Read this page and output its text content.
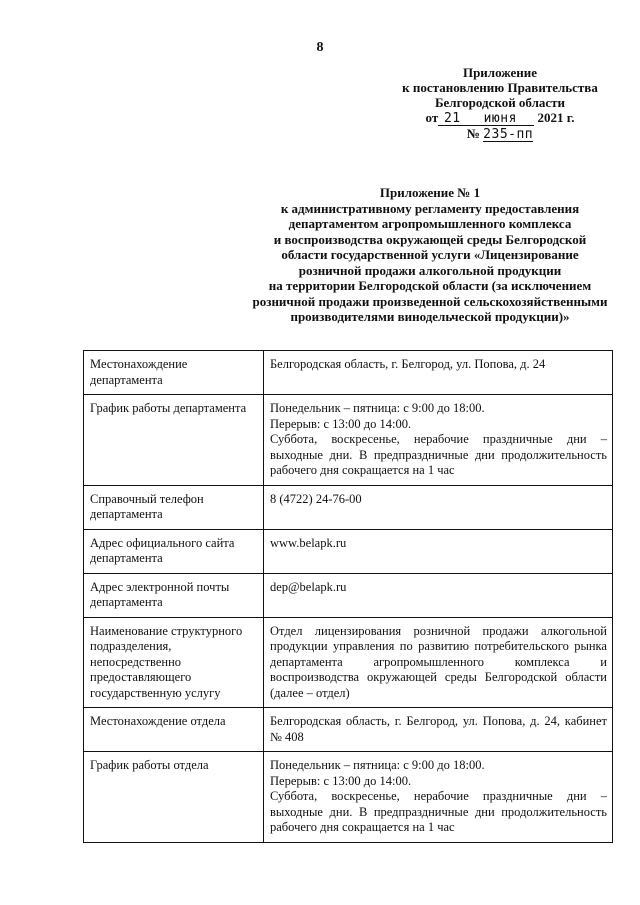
8
Приложение
к постановлению Правительства
Белгородской области
от 21 июня 2021 г.
№ 235-пп
Приложение № 1
к административному регламенту предоставления
департаментом агропромышленного комплекса
и воспроизводства окружающей среды Белгородской
области государственной услуги «Лицензирование
розничной продажи алкогольной продукции
на территории Белгородской области (за исключением
розничной продажи произведенной сельскохозяйственными
производителями винодельческой продукции)»
Местонахождение департамента	Белгородская область, г. Белгород, ул. Попова, д. 24

График работы департамента	Понедельник – пятница: с 9:00 до 18:00.
Перерыв: с 13:00 до 14:00.
Суббота, воскресенье, нерабочие праздничные дни – выходные дни. В предпраздничные дни продолжительность рабочего дня сокращается на 1 час

Справочный телефон департамента	8 (4722) 24-76-00

Адрес официального сайта департамента	www.belapk.ru

Адрес электронной почты департамента	dep@belapk.ru

Наименование структурного подразделения, непосредственно предоставляющего государственную услугу	Отдел лицензирования розничной продажи алкогольной продукции управления по развитию потребительского рынка департамента агропромышленного комплекса и воспроизводства окружающей среды Белгородской области (далее – отдел)

Местонахождение отдела	Белгородская область, г. Белгород, ул. Попова, д. 24, кабинет № 408

График работы отдела	Понедельник – пятница: с 9:00 до 18:00.
Перерыв: с 13:00 до 14:00.
Суббота, воскресенье, нерабочие праздничные дни – выходные дни. В предпраздничные дни продолжительность рабочего дня сокращается на 1 час
